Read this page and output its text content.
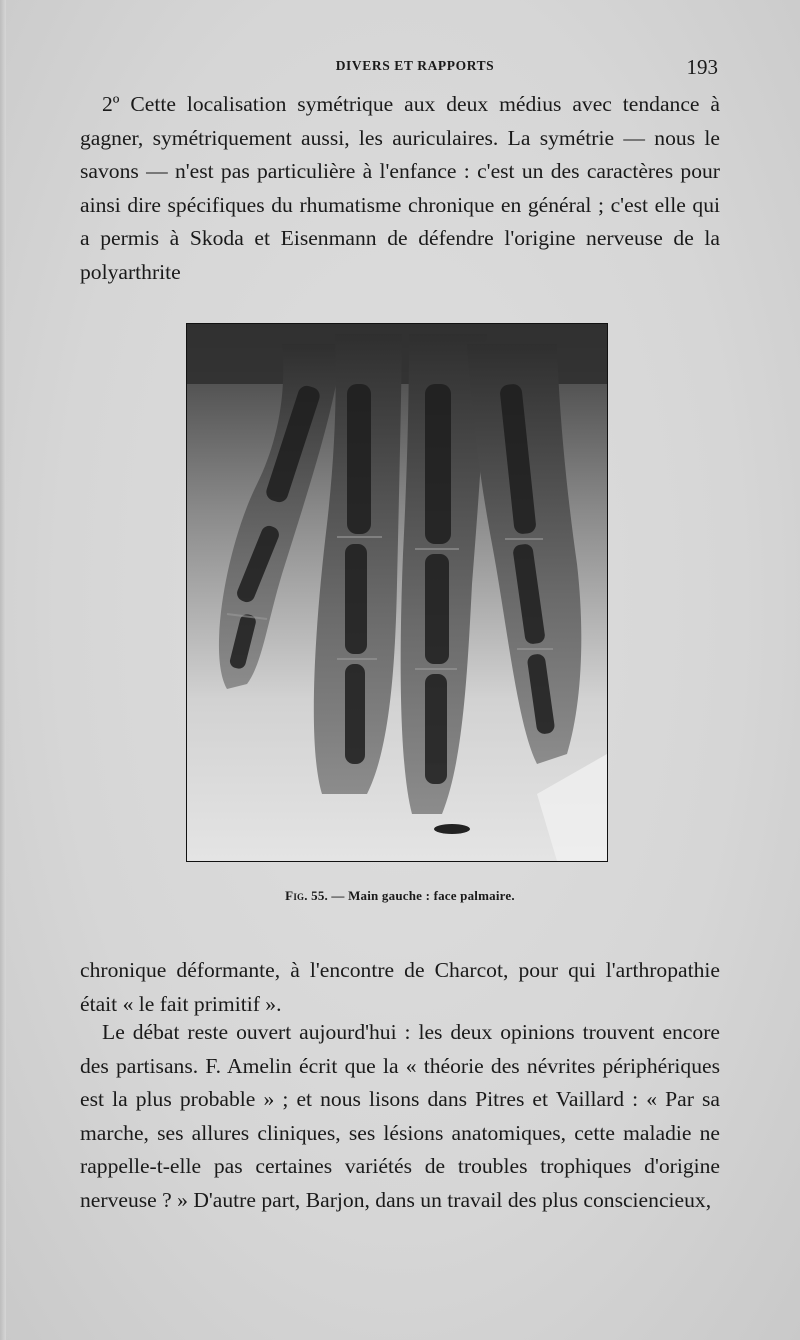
DIVERS ET RAPPORTS	193

2º Cette localisation symétrique aux deux médius avec tendance à gagner, symétriquement aussi, les auriculaires. La symétrie — nous le savons — n'est pas particulière à l'enfance : c'est un des caractères pour ainsi dire spécifiques du rhumatisme chronique en général ; c'est elle qui a permis à Skoda et Eisenmann de défendre l'origine nerveuse de la polyarthrite

Fig. 55. — Main gauche : face palmaire.

chronique déformante, à l'encontre de Charcot, pour qui l'arthropathie était « le fait primitif ».

Le débat reste ouvert aujourd'hui : les deux opinions trouvent encore des partisans. F. Amelin écrit que la « théorie des névrites périphériques est la plus probable » ; et nous lisons dans Pitres et Vaillard : « Par sa marche, ses allures cliniques, ses lésions anatomiques, cette maladie ne rappelle-t-elle pas certaines variétés de troubles trophiques d'origine nerveuse ? » D'autre part, Barjon, dans un travail des plus consciencieux,
